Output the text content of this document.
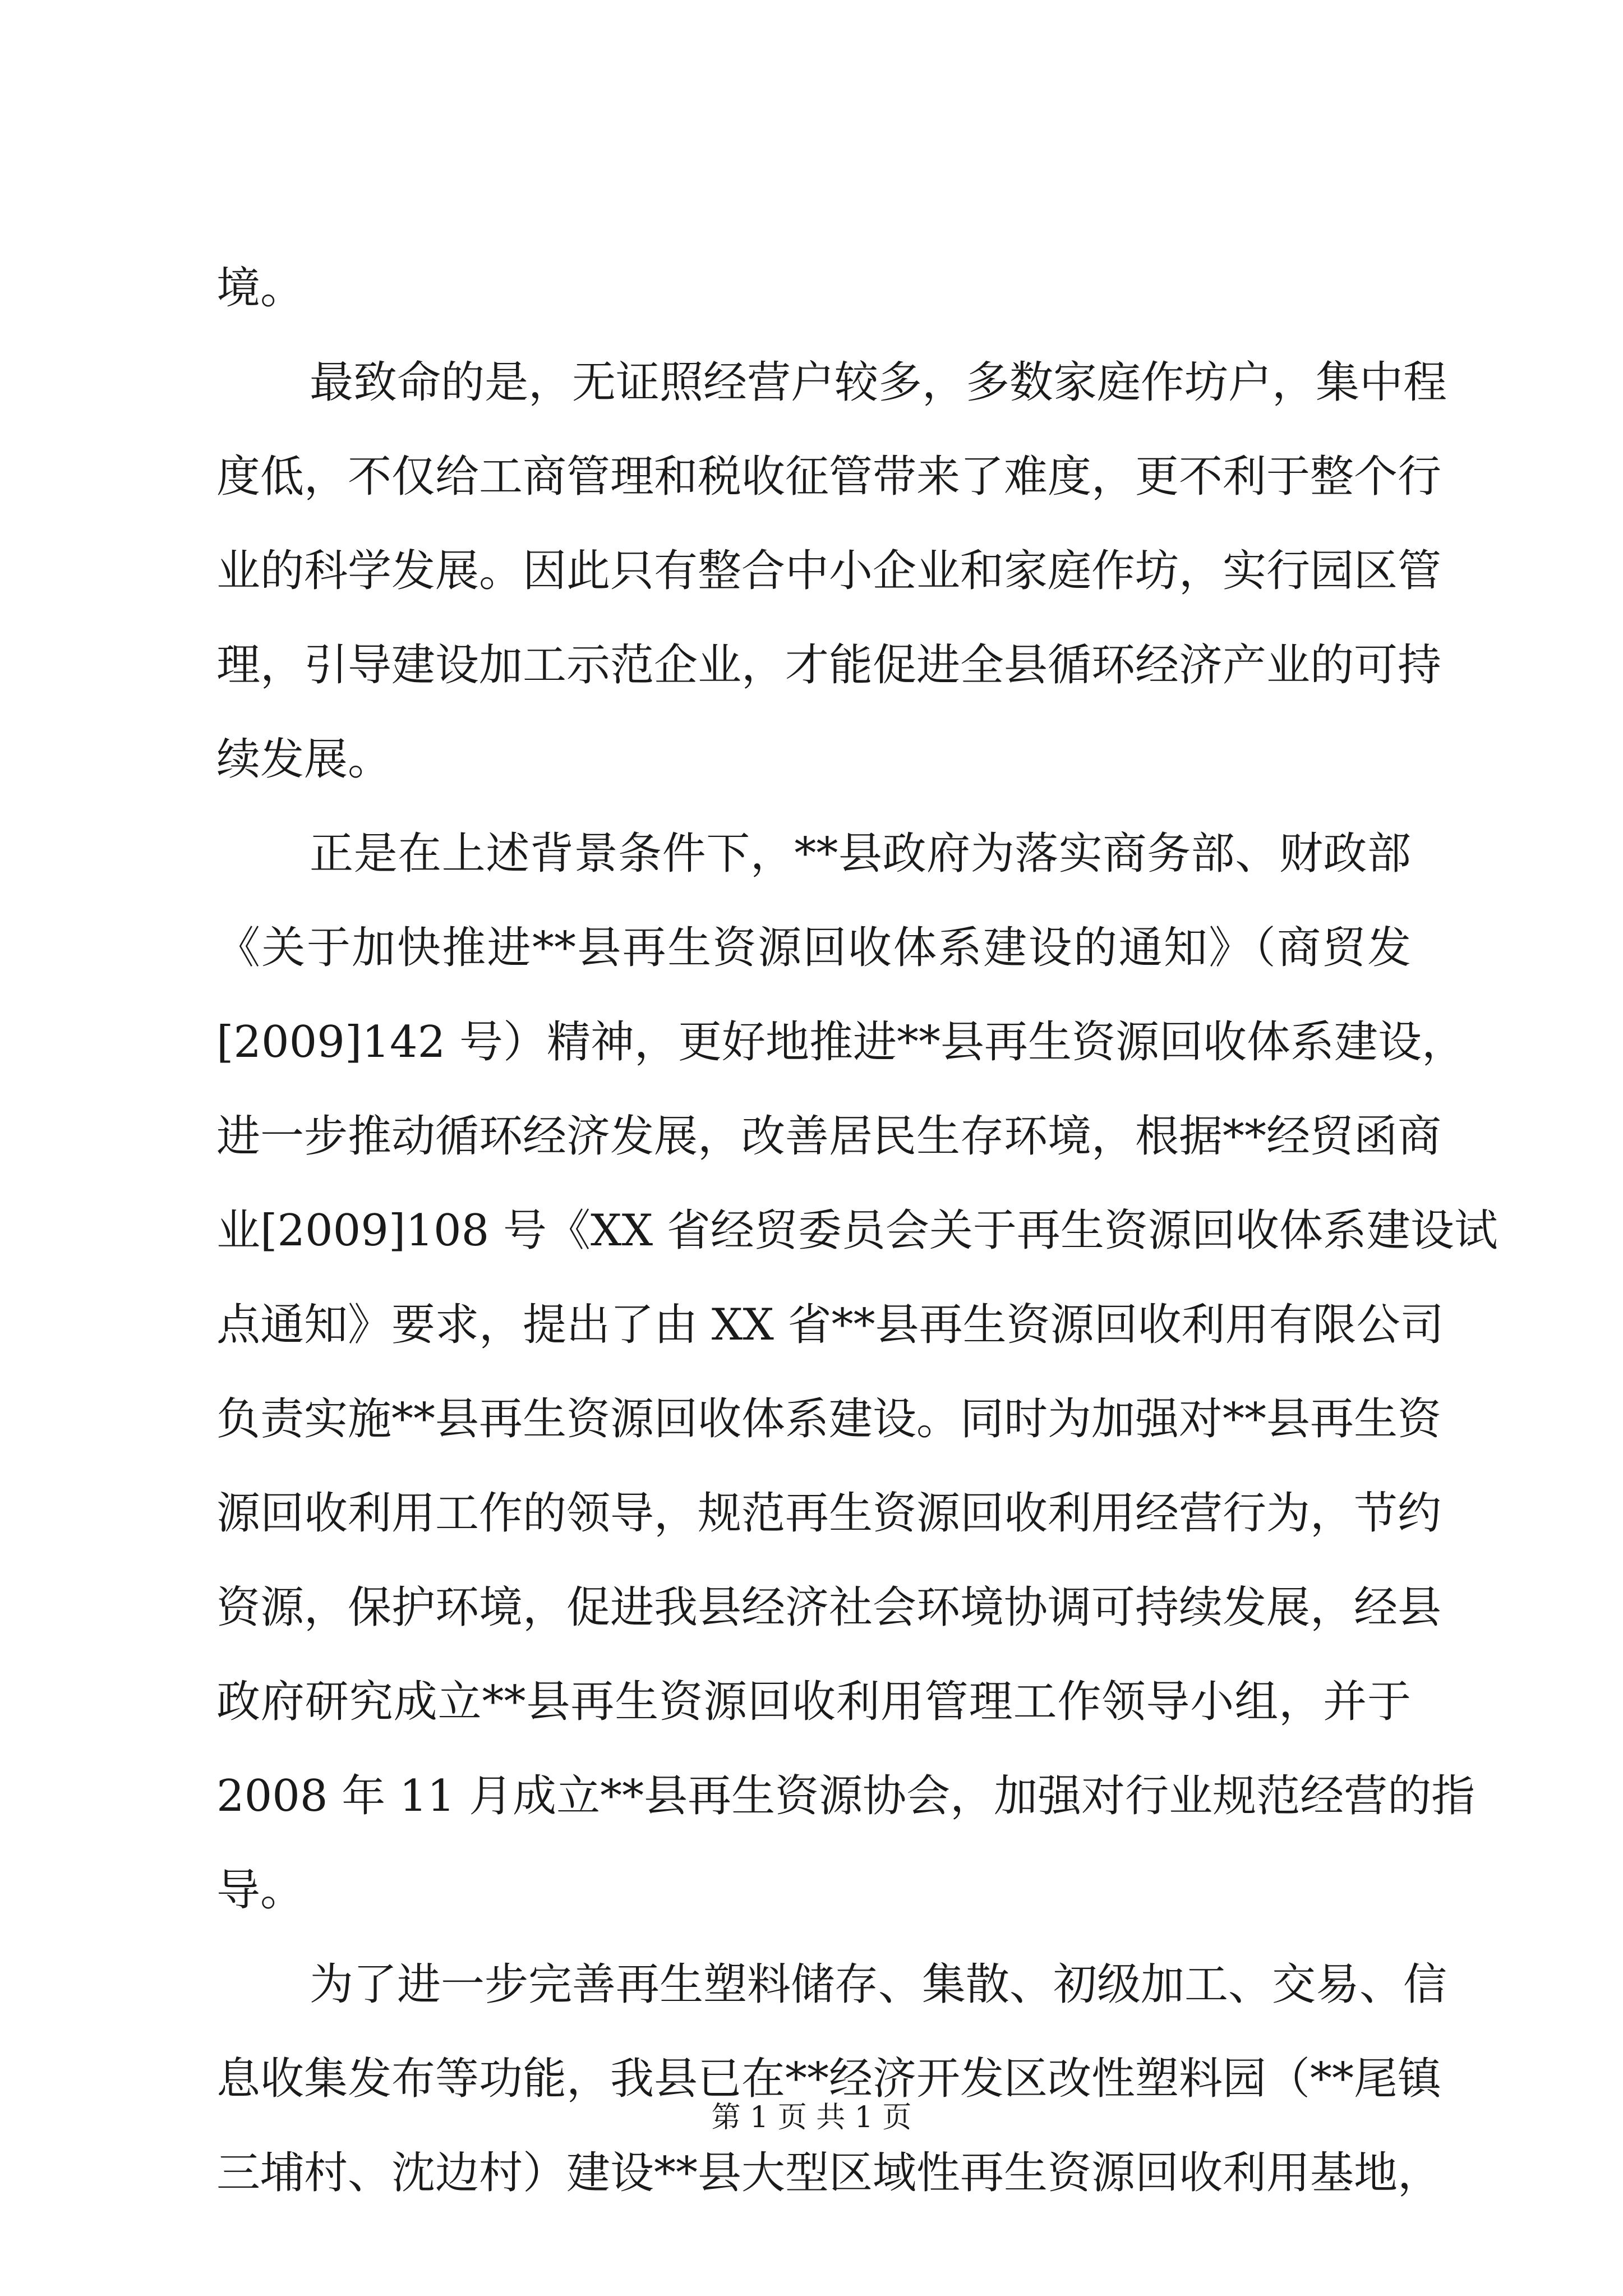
境。
最致命的是，无证照经营户较多，多数家庭作坊户，集中程
度低，不仅给工商管理和税收征管带来了难度，更不利于整个行
业的科学发展。因此只有整合中小企业和家庭作坊，实行园区管
理，引导建设加工示范企业，才能促进全县循环经济产业的可持
续发展。
正是在上述背景条件下，**县政府为落实商务部、财政部
《关于加快推进**县再生资源回收体系建设的通知》（商贸发
[2009]142 号）精神，更好地推进**县再生资源回收体系建设，
进一步推动循环经济发展，改善居民生存环境，根据**经贸函商
业[2009]108 号《XX 省经贸委员会关于再生资源回收体系建设试
点通知》要求，提出了由 XX 省**县再生资源回收利用有限公司
负责实施**县再生资源回收体系建设。同时为加强对**县再生资
源回收利用工作的领导，规范再生资源回收利用经营行为，节约
资源，保护环境，促进我县经济社会环境协调可持续发展，经县
政府研究成立**县再生资源回收利用管理工作领导小组，并于
2008 年 11 月成立**县再生资源协会，加强对行业规范经营的指
导。
为了进一步完善再生塑料储存、集散、初级加工、交易、信
息收集发布等功能，我县已在**经济开发区改性塑料园（**尾镇
三埔村、沈边村）建设**县大型区域性再生资源回收利用基地，
第 1 页 共 1 页
